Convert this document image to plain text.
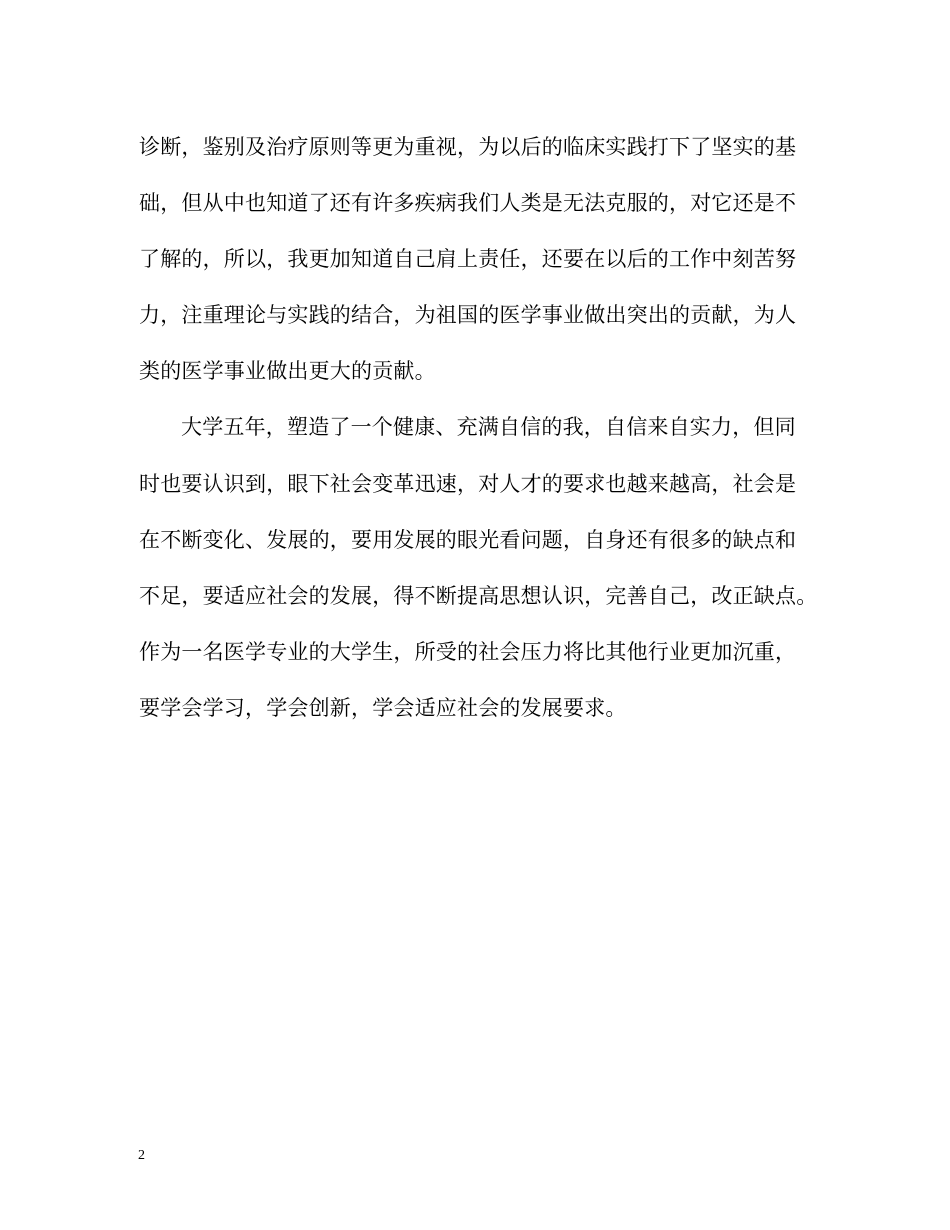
诊断，鉴别及治疗原则等更为重视，为以后的临床实践打下了坚实的基
础，但从中也知道了还有许多疾病我们人类是无法克服的，对它还是不
了解的，所以，我更加知道自己肩上责任，还要在以后的工作中刻苦努
力，注重理论与实践的结合，为祖国的医学事业做出突出的贡献，为人
类的医学事业做出更大的贡献。
大学五年，塑造了一个健康、充满自信的我，自信来自实力，但同
时也要认识到，眼下社会变革迅速，对人才的要求也越来越高，社会是
在不断变化、发展的，要用发展的眼光看问题，自身还有很多的缺点和
不足，要适应社会的发展，得不断提高思想认识，完善自己，改正缺点。
作为一名医学专业的大学生，所受的社会压力将比其他行业更加沉重，
要学会学习，学会创新，学会适应社会的发展要求。
2
